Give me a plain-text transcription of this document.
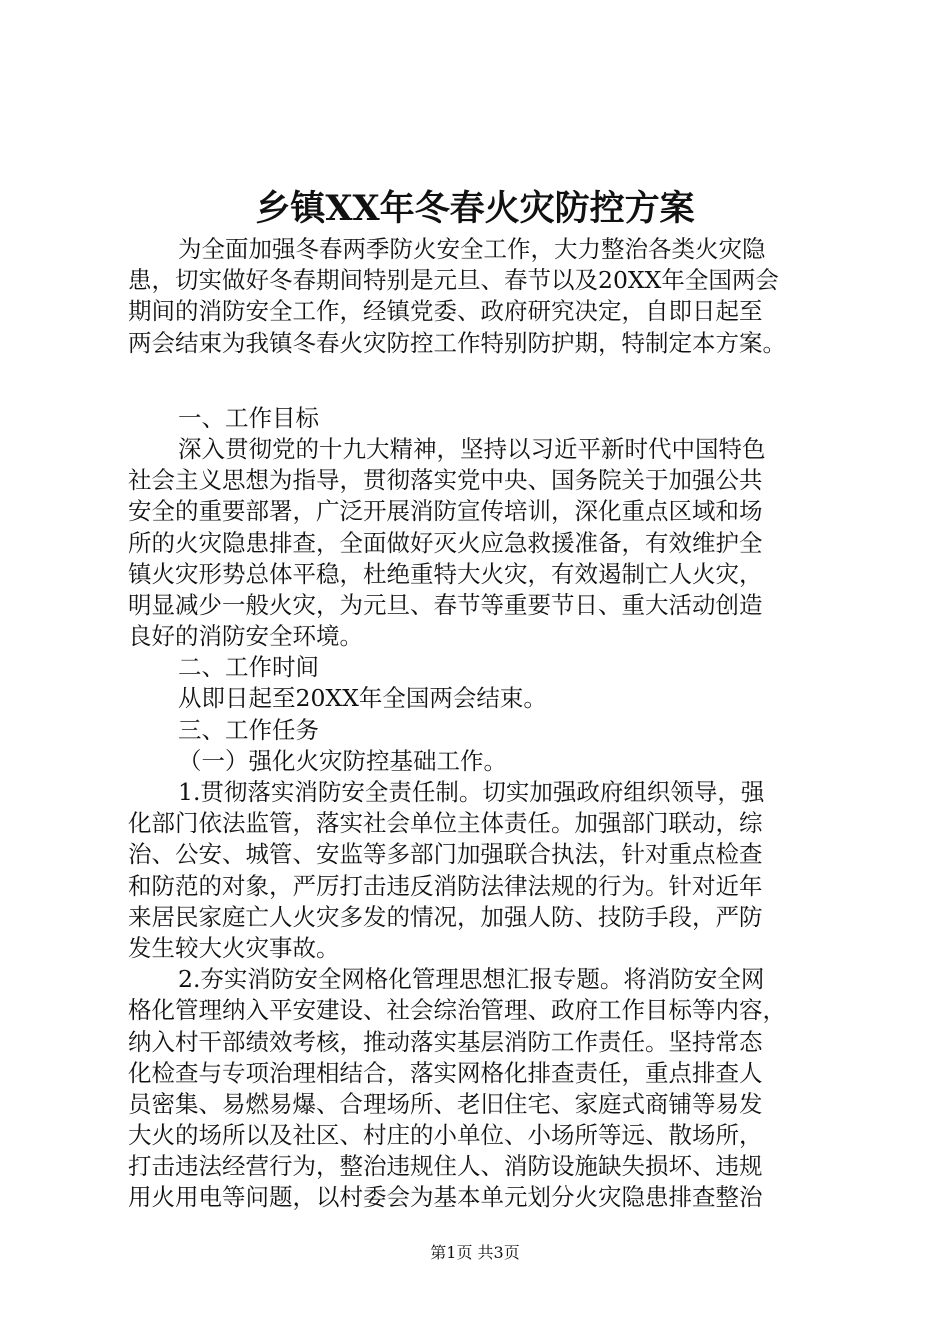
乡镇XX年冬春火灾防控方案
为全面加强冬春两季防火安全工作，大力整治各类火灾隐
患，切实做好冬春期间特别是元旦、春节以及20XX年全国两会
期间的消防安全工作，经镇党委、政府研究决定，自即日起至
两会结束为我镇冬春火灾防控工作特别防护期，特制定本方案。
一、工作目标
深入贯彻党的十九大精神，坚持以习近平新时代中国特色
社会主义思想为指导，贯彻落实党中央、国务院关于加强公共
安全的重要部署，广泛开展消防宣传培训，深化重点区域和场
所的火灾隐患排查，全面做好灭火应急救援准备，有效维护全
镇火灾形势总体平稳，杜绝重特大火灾，有效遏制亡人火灾，
明显减少一般火灾，为元旦、春节等重要节日、重大活动创造
良好的消防安全环境。
二、工作时间
从即日起至20XX年全国两会结束。
三、工作任务
（一）强化火灾防控基础工作。
1.贯彻落实消防安全责任制。切实加强政府组织领导，强
化部门依法监管，落实社会单位主体责任。加强部门联动，综
治、公安、城管、安监等多部门加强联合执法，针对重点检查
和防范的对象，严厉打击违反消防法律法规的行为。针对近年
来居民家庭亡人火灾多发的情况，加强人防、技防手段，严防
发生较大火灾事故。
2.夯实消防安全网格化管理思想汇报专题。将消防安全网
格化管理纳入平安建设、社会综治管理、政府工作目标等内容，
纳入村干部绩效考核，推动落实基层消防工作责任。坚持常态
化检查与专项治理相结合，落实网格化排查责任，重点排查人
员密集、易燃易爆、合理场所、老旧住宅、家庭式商铺等易发
大火的场所以及社区、村庄的小单位、小场所等远、散场所，
打击违法经营行为，整治违规住人、消防设施缺失损坏、违规
用火用电等问题，以村委会为基本单元划分火灾隐患排查整治
第1页 共3页
